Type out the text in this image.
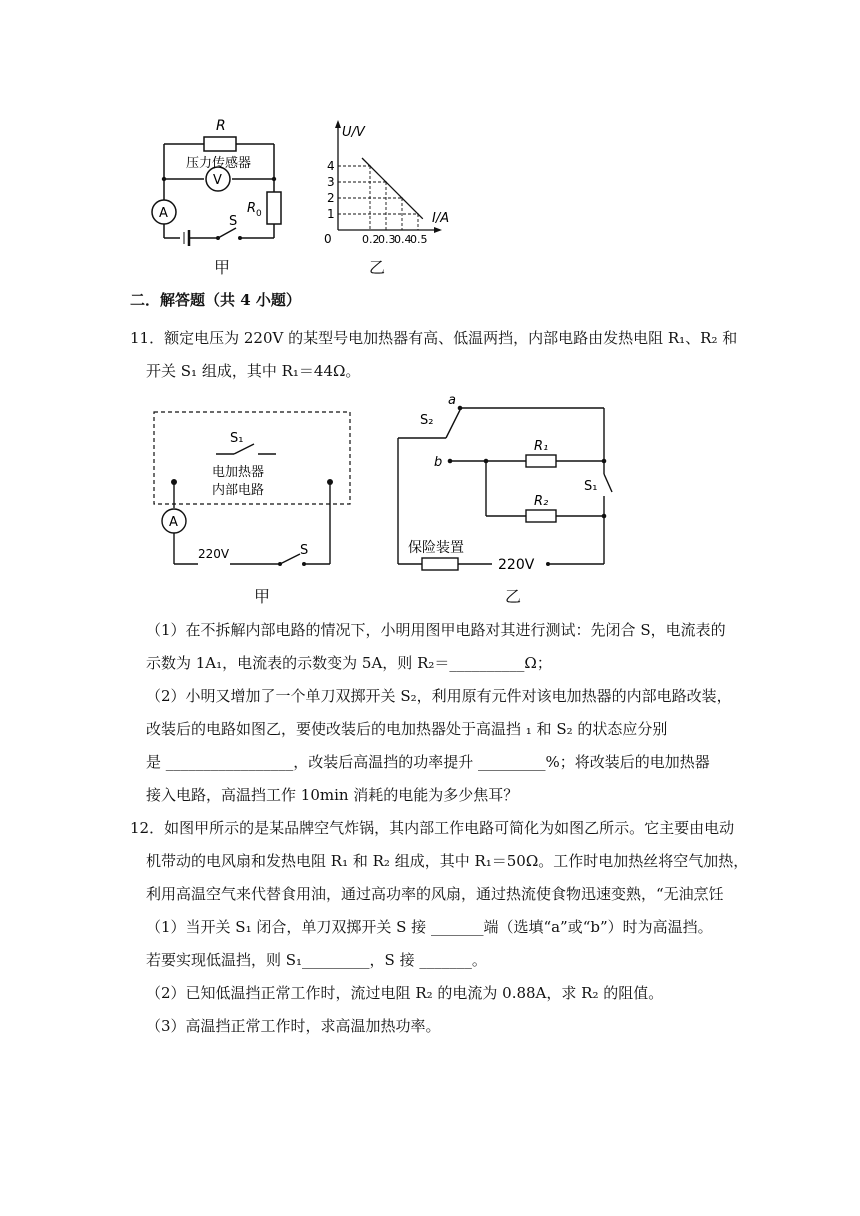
R
压力传感器
V
A
S
R 0
甲
1
2
3
4
0.2
0.3
0.4
0.5
U/V
I/A
0
乙
二．解答题（共 4 小题）
11．额定电压为 220V 的某型号电加热器有高、低温两挡，内部电路由发热电阻 R₁、R₂ 和
开关 S₁ 组成，其中 R₁＝44Ω。
S₁
电加热器
内部电路
A
220V	S
甲
a
b
S₂
R₁
R₂
S₁
保险装置
220V
乙
（1）在不拆解内部电路的情况下，小明用图甲电路对其进行测试：先闭合 S，电流表的
示数为 1A₁，电流表的示数变为 5A，则 R₂＝__________Ω；
（2）小明又增加了一个单刀双掷开关 S₂，利用原有元件对该电加热器的内部电路改装，
改装后的电路如图乙，要使改装后的电加热器处于高温挡 ₁ 和 S₂ 的状态应分别
是 _________________，改装后高温挡的功率提升 _________%；将改装后的电加热器
接入电路，高温挡工作 10min 消耗的电能为多少焦耳？
12．如图甲所示的是某品牌空气炸锅，其内部工作电路可简化为如图乙所示。它主要由电动
机带动的电风扇和发热电阻 R₁ 和 R₂ 组成，其中 R₁＝50Ω。工作时电加热丝将空气加热，
利用高温空气来代替食用油，通过高功率的风扇，通过热流使食物迅速变熟，“无油烹饪
（1）当开关 S₁ 闭合，单刀双掷开关 S 接 _______端（选填“a”或“b”）时为高温挡。
若要实现低温挡，则 S₁_________，S 接 _______。
（2）已知低温挡正常工作时，流过电阻 R₂ 的电流为 0.88A，求 R₂ 的阻值。
（3）高温挡正常工作时，求高温加热功率。
